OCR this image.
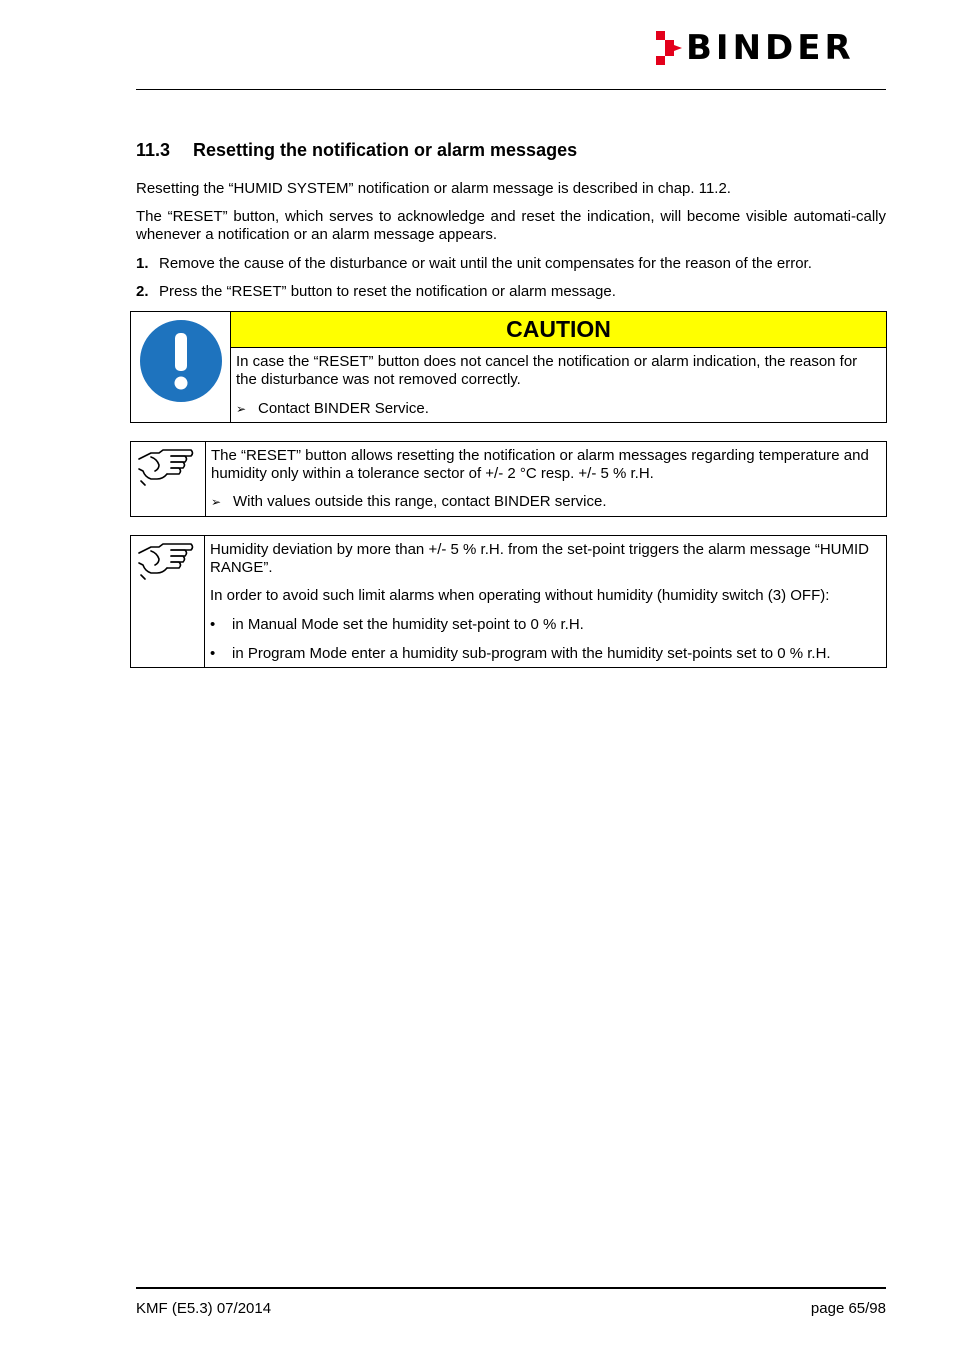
BINDER
11.3 Resetting the notification or alarm messages
Resetting the “HUMID SYSTEM” notification or alarm message is described in chap. 11.2.
The “RESET” button, which serves to acknowledge and reset the indication, will become visible automati-cally whenever a notification or an alarm message appears.
1. Remove the cause of the disturbance or wait until the unit compensates for the reason of the error.
2. Press the “RESET” button to reset the notification or alarm message.
CAUTION
In case the “RESET” button does not cancel the notification or alarm indication, the reason for the disturbance was not removed correctly.
➢ Contact BINDER Service.
The “RESET” button allows resetting the notification or alarm messages regarding temperature and humidity only within a tolerance sector of +/- 2 °C resp. +/- 5 % r.H.
➢ With values outside this range, contact BINDER service.
Humidity deviation by more than +/- 5 % r.H. from the set-point triggers the alarm message “HUMID RANGE”.
In order to avoid such limit alarms when operating without humidity (humidity switch (3) OFF):
• in Manual Mode set the humidity set-point to 0 % r.H.
• in Program Mode enter a humidity sub-program with the humidity set-points set to 0 % r.H.
KMF (E5.3) 07/2014	page 65/98
